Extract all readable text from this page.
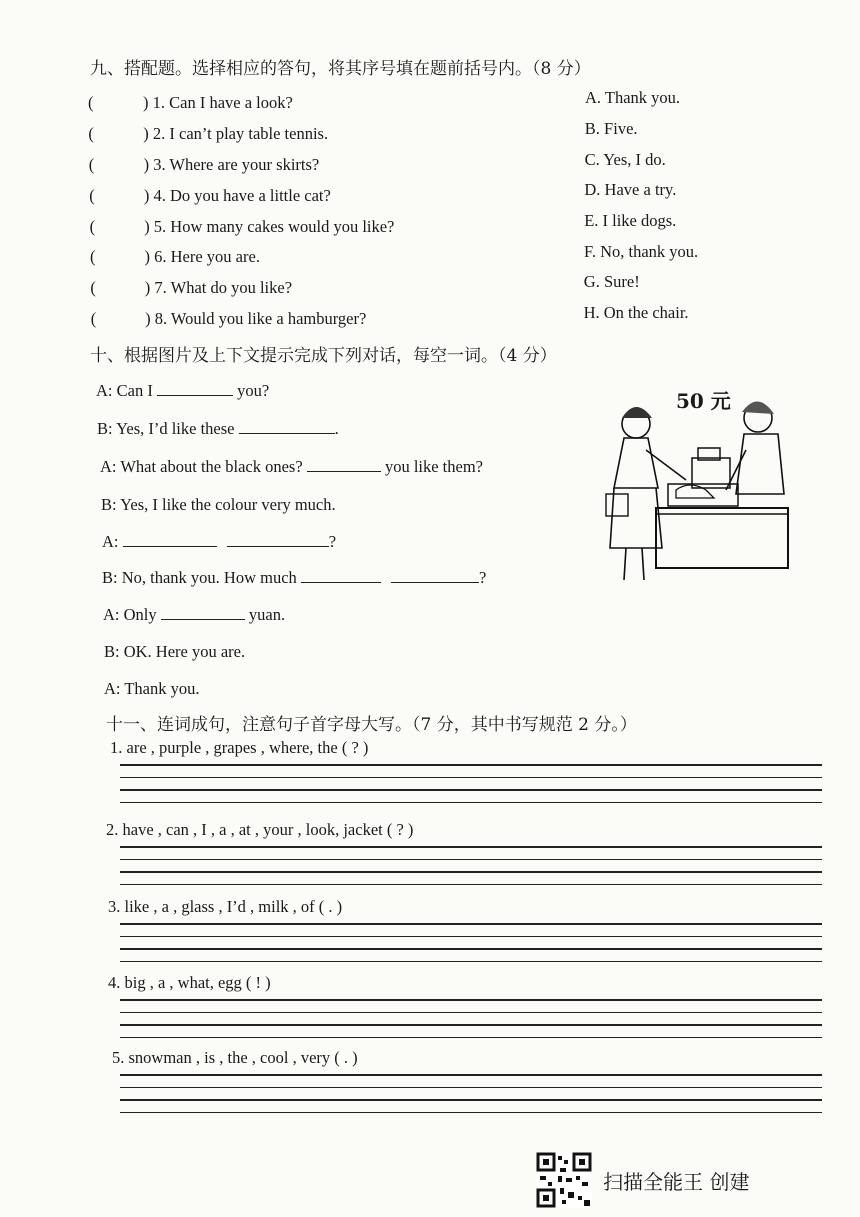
九、搭配题。选择相应的答句，将其序号填在题前括号内。（8 分）
(	) 1. Can I have a look?
(	) 2. I can’t play table tennis.
(	) 3. Where are your skirts?
(	) 4. Do you have a little cat?
(	) 5. How many cakes would you like?
(	) 6. Here you are.
(	) 7. What do you like?
(	) 8. Would you like a hamburger?
A. Thank you.
B. Five.
C. Yes, I do.
D. Have a try.
E. I like dogs.
F. No, thank you.
G. Sure!
H. On the chair.
十、根据图片及上下文提示完成下列对话，每空一词。（4 分）
A: Can I	you?
B: Yes, I’d like these	.
A: What about the black ones?	you like them?
B: Yes, I like the colour very much.
A:	?
B: No, thank you. How much	?
A: Only	yuan.
B: OK. Here you are.
A: Thank you.
50 元
十一、连词成句，注意句子首字母大写。（7 分，其中书写规范 2 分。）
1. are , purple , grapes , where, the ( ? )
2. have , can , I , a , at , your , look, jacket ( ? )
3. like , a , glass , I’d , milk , of ( . )
4. big , a , what, egg ( ! )
5. snowman , is , the , cool , very ( . )
扫描全能王 创建
